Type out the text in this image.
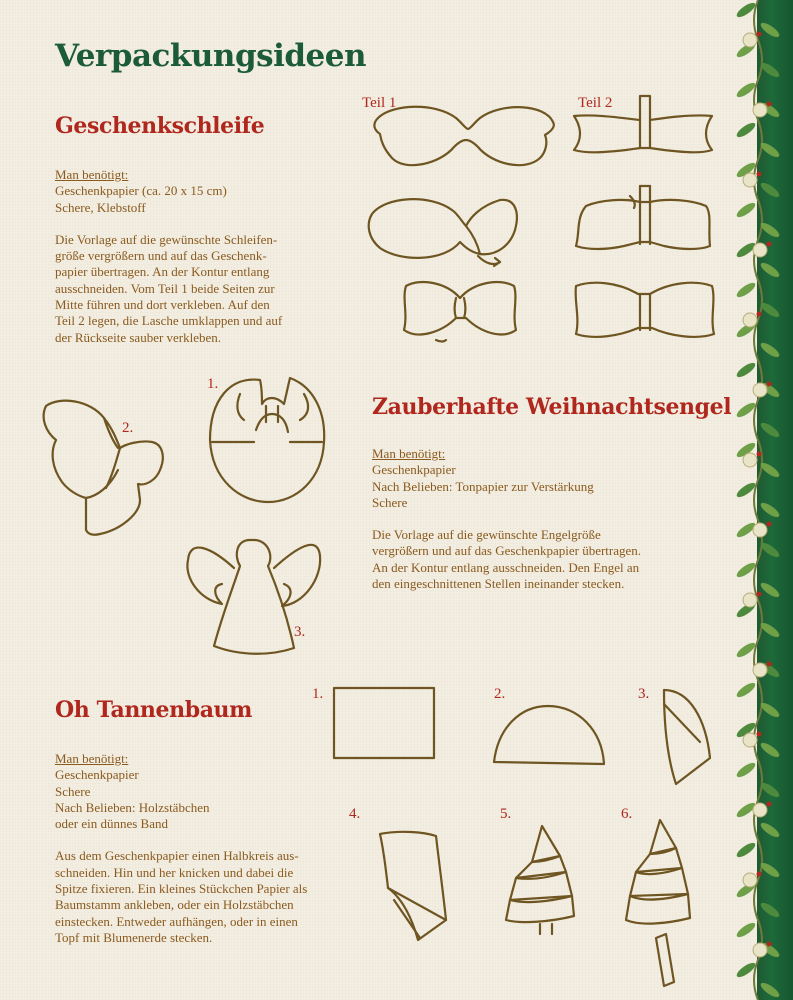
Verpackungsideen
Geschenkschleife
Man benötigt:
Geschenkpapier (ca. 20 x 15 cm)
Schere, Klebstoff
Die Vorlage auf die gewünschte Schleifen-
größe vergrößern und auf das Geschenk-
papier übertragen. An der Kontur entlang
ausschneiden. Vom Teil 1 beide Seiten zur
Mitte führen und dort verkleben. Auf den
Teil 2 legen, die Lasche umklappen und auf
der Rückseite sauber verkleben.
Teil 1	Teil 2
Zauberhafte Weihnachtsengel
Man benötigt:
Geschenkpapier
Nach Belieben: Tonpapier zur Verstärkung
Schere
Die Vorlage auf die gewünschte Engelgröße
vergrößern und auf das Geschenkpapier übertragen.
An der Kontur entlang ausschneiden. Den Engel an
den eingeschnittenen Stellen ineinander stecken.
1.
2.
3.
Oh Tannenbaum
Man benötigt:
Geschenkpapier
Schere
Nach Belieben: Holzstäbchen
oder ein dünnes Band
Aus dem Geschenkpapier einen Halbkreis aus-
schneiden. Hin und her knicken und dabei die
Spitze fixieren. Ein kleines Stückchen Papier als
Baumstamm ankleben, oder ein Holzstäbchen
einstecken. Entweder aufhängen, oder in einen
Topf mit Blumenerde stecken.
1.	2.	3.
4.	5.	6.
